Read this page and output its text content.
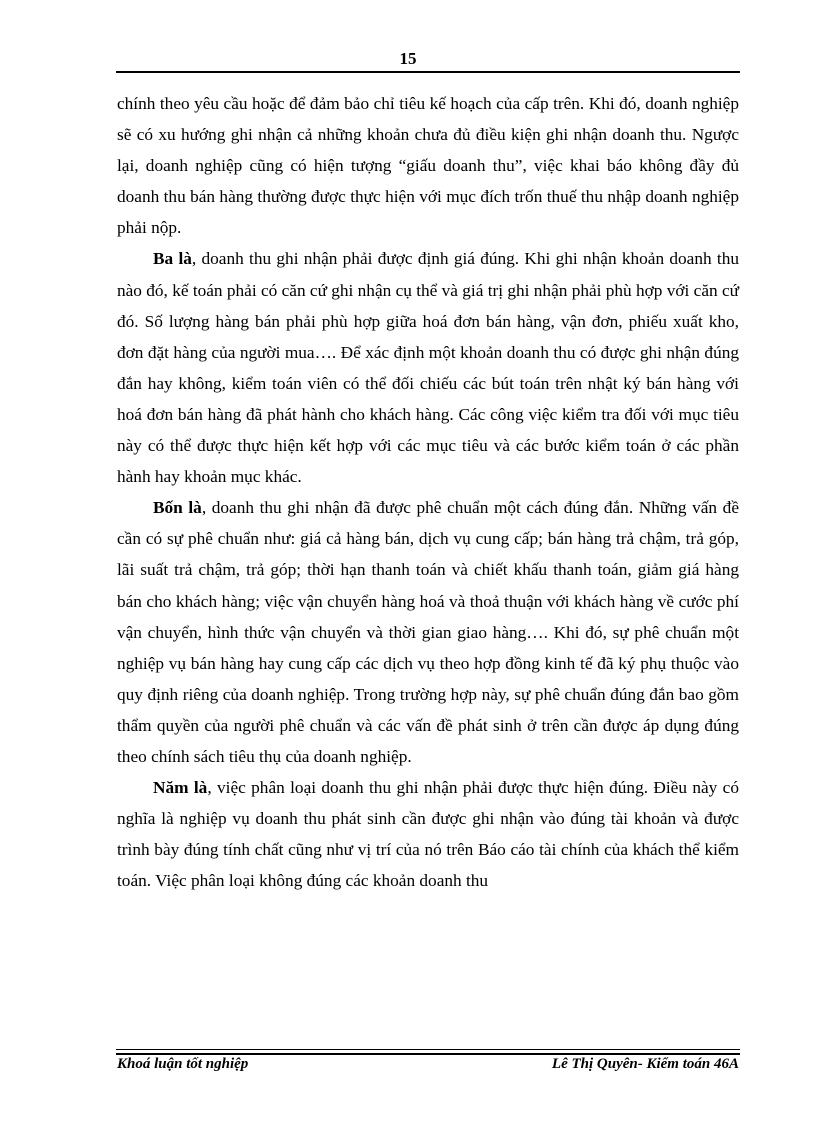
15

chính theo yêu cầu hoặc để đảm bảo chỉ tiêu kế hoạch của cấp trên. Khi đó, doanh nghiệp sẽ có xu hướng ghi nhận cả những khoản chưa đủ điều kiện ghi nhận doanh thu. Ngược lại, doanh nghiệp cũng có hiện tượng “giấu doanh thu”, việc khai báo không đầy đủ doanh thu bán hàng thường được thực hiện với mục đích trốn thuế thu nhập doanh nghiệp phải nộp.

Ba là, doanh thu ghi nhận phải được định giá đúng. Khi ghi nhận khoản doanh thu nào đó, kế toán phải có căn cứ ghi nhận cụ thể và giá trị ghi nhận phải phù hợp với căn cứ đó. Số lượng hàng bán phải phù hợp giữa hoá đơn bán hàng, vận đơn, phiếu xuất kho, đơn đặt hàng của người mua…. Để xác định một khoản doanh thu có được ghi nhận đúng đắn hay không, kiểm toán viên có thể đối chiếu các bút toán trên nhật ký bán hàng với hoá đơn bán hàng đã phát hành cho khách hàng. Các công việc kiểm tra đối với mục tiêu này có thể được thực hiện kết hợp với các mục tiêu và các bước kiểm toán ở các phần hành hay khoản mục khác.

Bốn là, doanh thu ghi nhận đã được phê chuẩn một cách đúng đắn. Những vấn đề cần có sự phê chuẩn như: giá cả hàng bán, dịch vụ cung cấp; bán hàng trả chậm, trả góp, lãi suất trả chậm, trả góp; thời hạn thanh toán và chiết khấu thanh toán, giảm giá hàng bán cho khách hàng; việc vận chuyển hàng hoá và thoả thuận với khách hàng về cước phí vận chuyển, hình thức vận chuyển và thời gian giao hàng…. Khi đó, sự phê chuẩn một nghiệp vụ bán hàng hay cung cấp các dịch vụ theo hợp đồng kinh tế đã ký phụ thuộc vào quy định riêng của doanh nghiệp. Trong trường hợp này, sự phê chuẩn đúng đắn bao gồm thẩm quyền của người phê chuẩn và các vấn đề phát sinh ở trên cần được áp dụng đúng theo chính sách tiêu thụ của doanh nghiệp.

Năm là, việc phân loại doanh thu ghi nhận phải được thực hiện đúng. Điều này có nghĩa là nghiệp vụ doanh thu phát sinh cần được ghi nhận vào đúng tài khoản và được trình bày đúng tính chất cũng như vị trí của nó trên Báo cáo tài chính của khách thể kiểm toán. Việc phân loại không đúng các khoản doanh thu

Khoá luận tốt nghiệp	Lê Thị Quyên- Kiểm toán 46A
